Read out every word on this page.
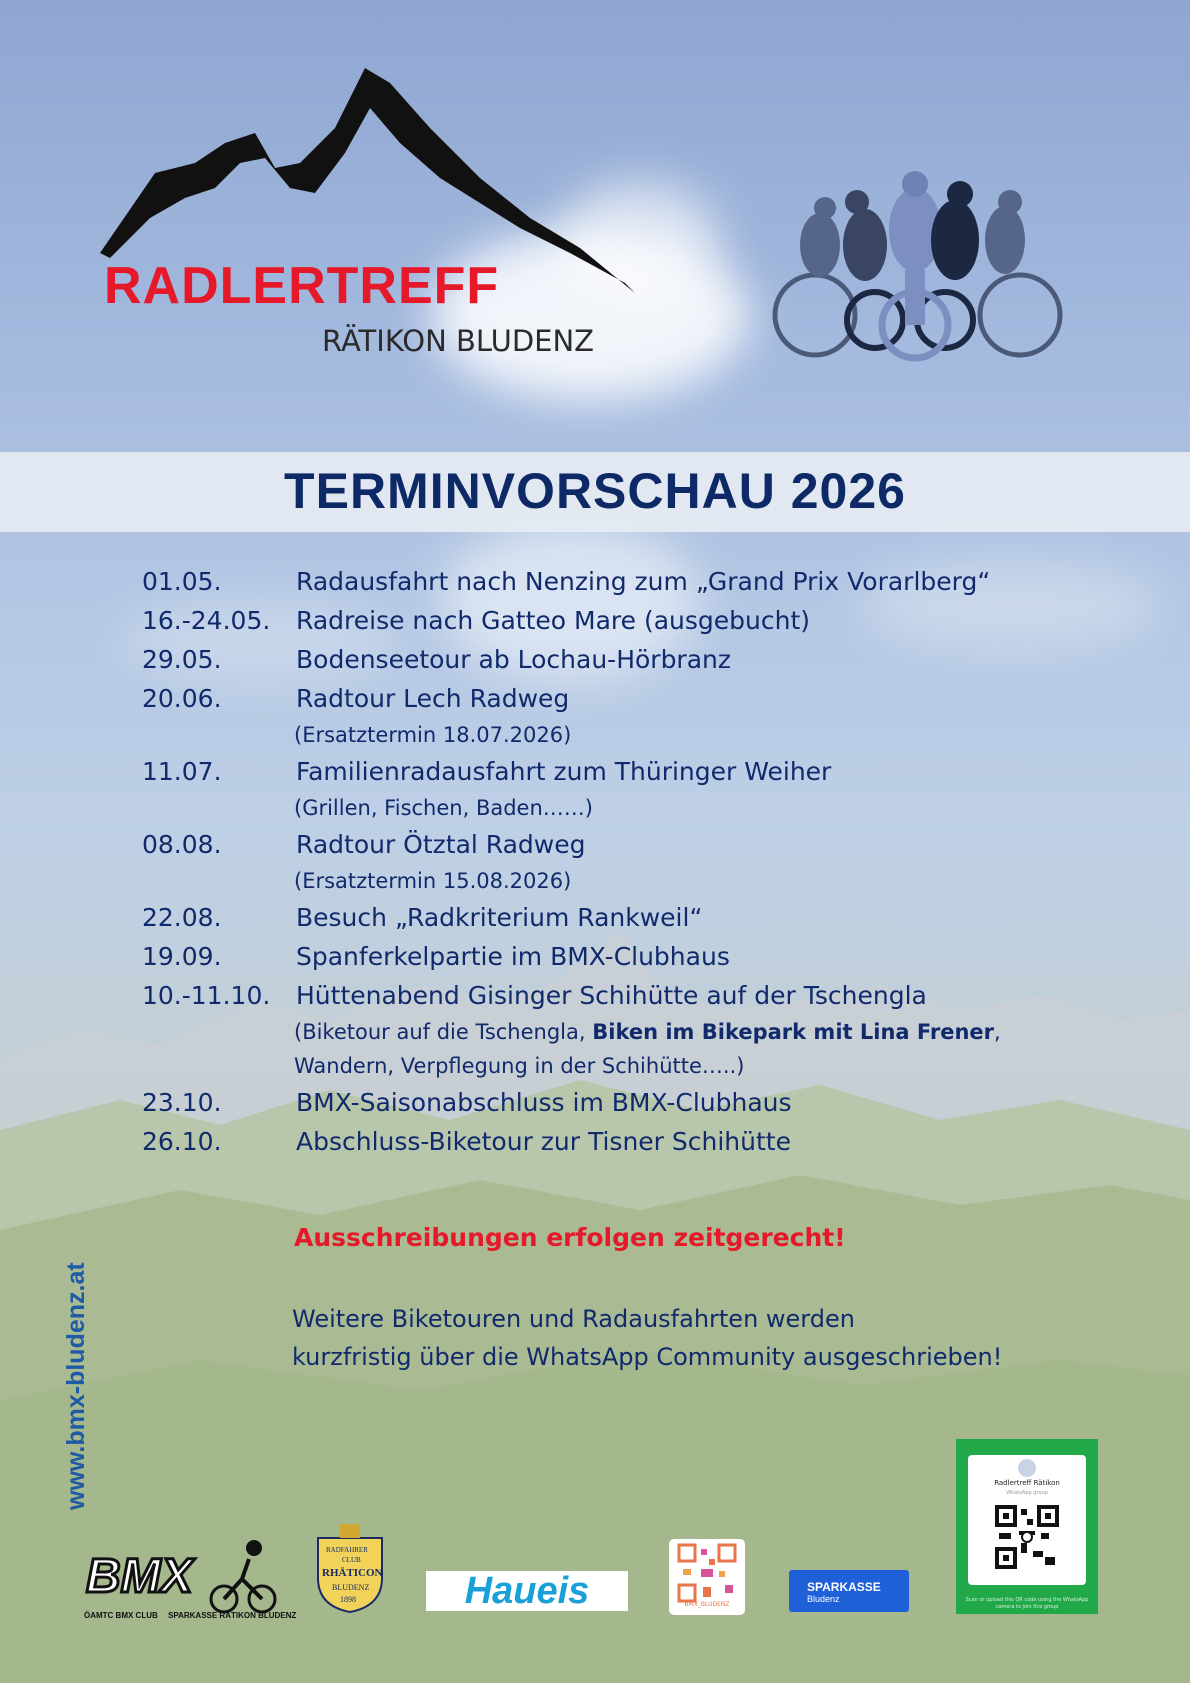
RADLERTREFF
RÄTIKON BLUDENZ
TERMINVORSCHAU 2026
01.05.	Radausfahrt nach Nenzing zum „Grand Prix Vorarlberg“
16.-24.05. Radreise nach Gatteo Mare (ausgebucht)
29.05.	Bodenseetour ab Lochau-Hörbranz
20.06.	Radtour Lech Radweg
(Ersatztermin 18.07.2026)
11.07.	Familienradausfahrt zum Thüringer Weiher
(Grillen, Fischen, Baden……)
08.08.	Radtour Ötztal Radweg
(Ersatztermin 15.08.2026)
22.08.	Besuch „Radkriterium Rankweil“
19.09.	Spanferkelpartie im BMX-Clubhaus
10.-11.10. Hüttenabend Gisinger Schihütte auf der Tschengla
(Biketour auf die Tschengla, Biken im Bikepark mit Lina Frener,
Wandern, Verpflegung in der Schihütte…..)
23.10.	BMX-Saisonabschluss im BMX-Clubhaus
26.10.	Abschluss-Biketour zur Tisner Schihütte
Ausschreibungen erfolgen zeitgerecht!
Weitere Biketouren und Radausfahrten werden
kurzfristig über die WhatsApp Community ausgeschrieben!
www.bmx-bludenz.at
BMX
ÖAMTC BMX CLUB SPARKASSE RÄTIKON BLUDENZ
RADFAHRER
CLUB
RHÄTICON
BLUDENZ
1898	Haueis	BMX_BLUDENZ
SPARKASSE
Bludenz
Radlertreff Rätikon
WhatsApp group
Scan or upload this QR code using the WhatsApp camera to join this group
